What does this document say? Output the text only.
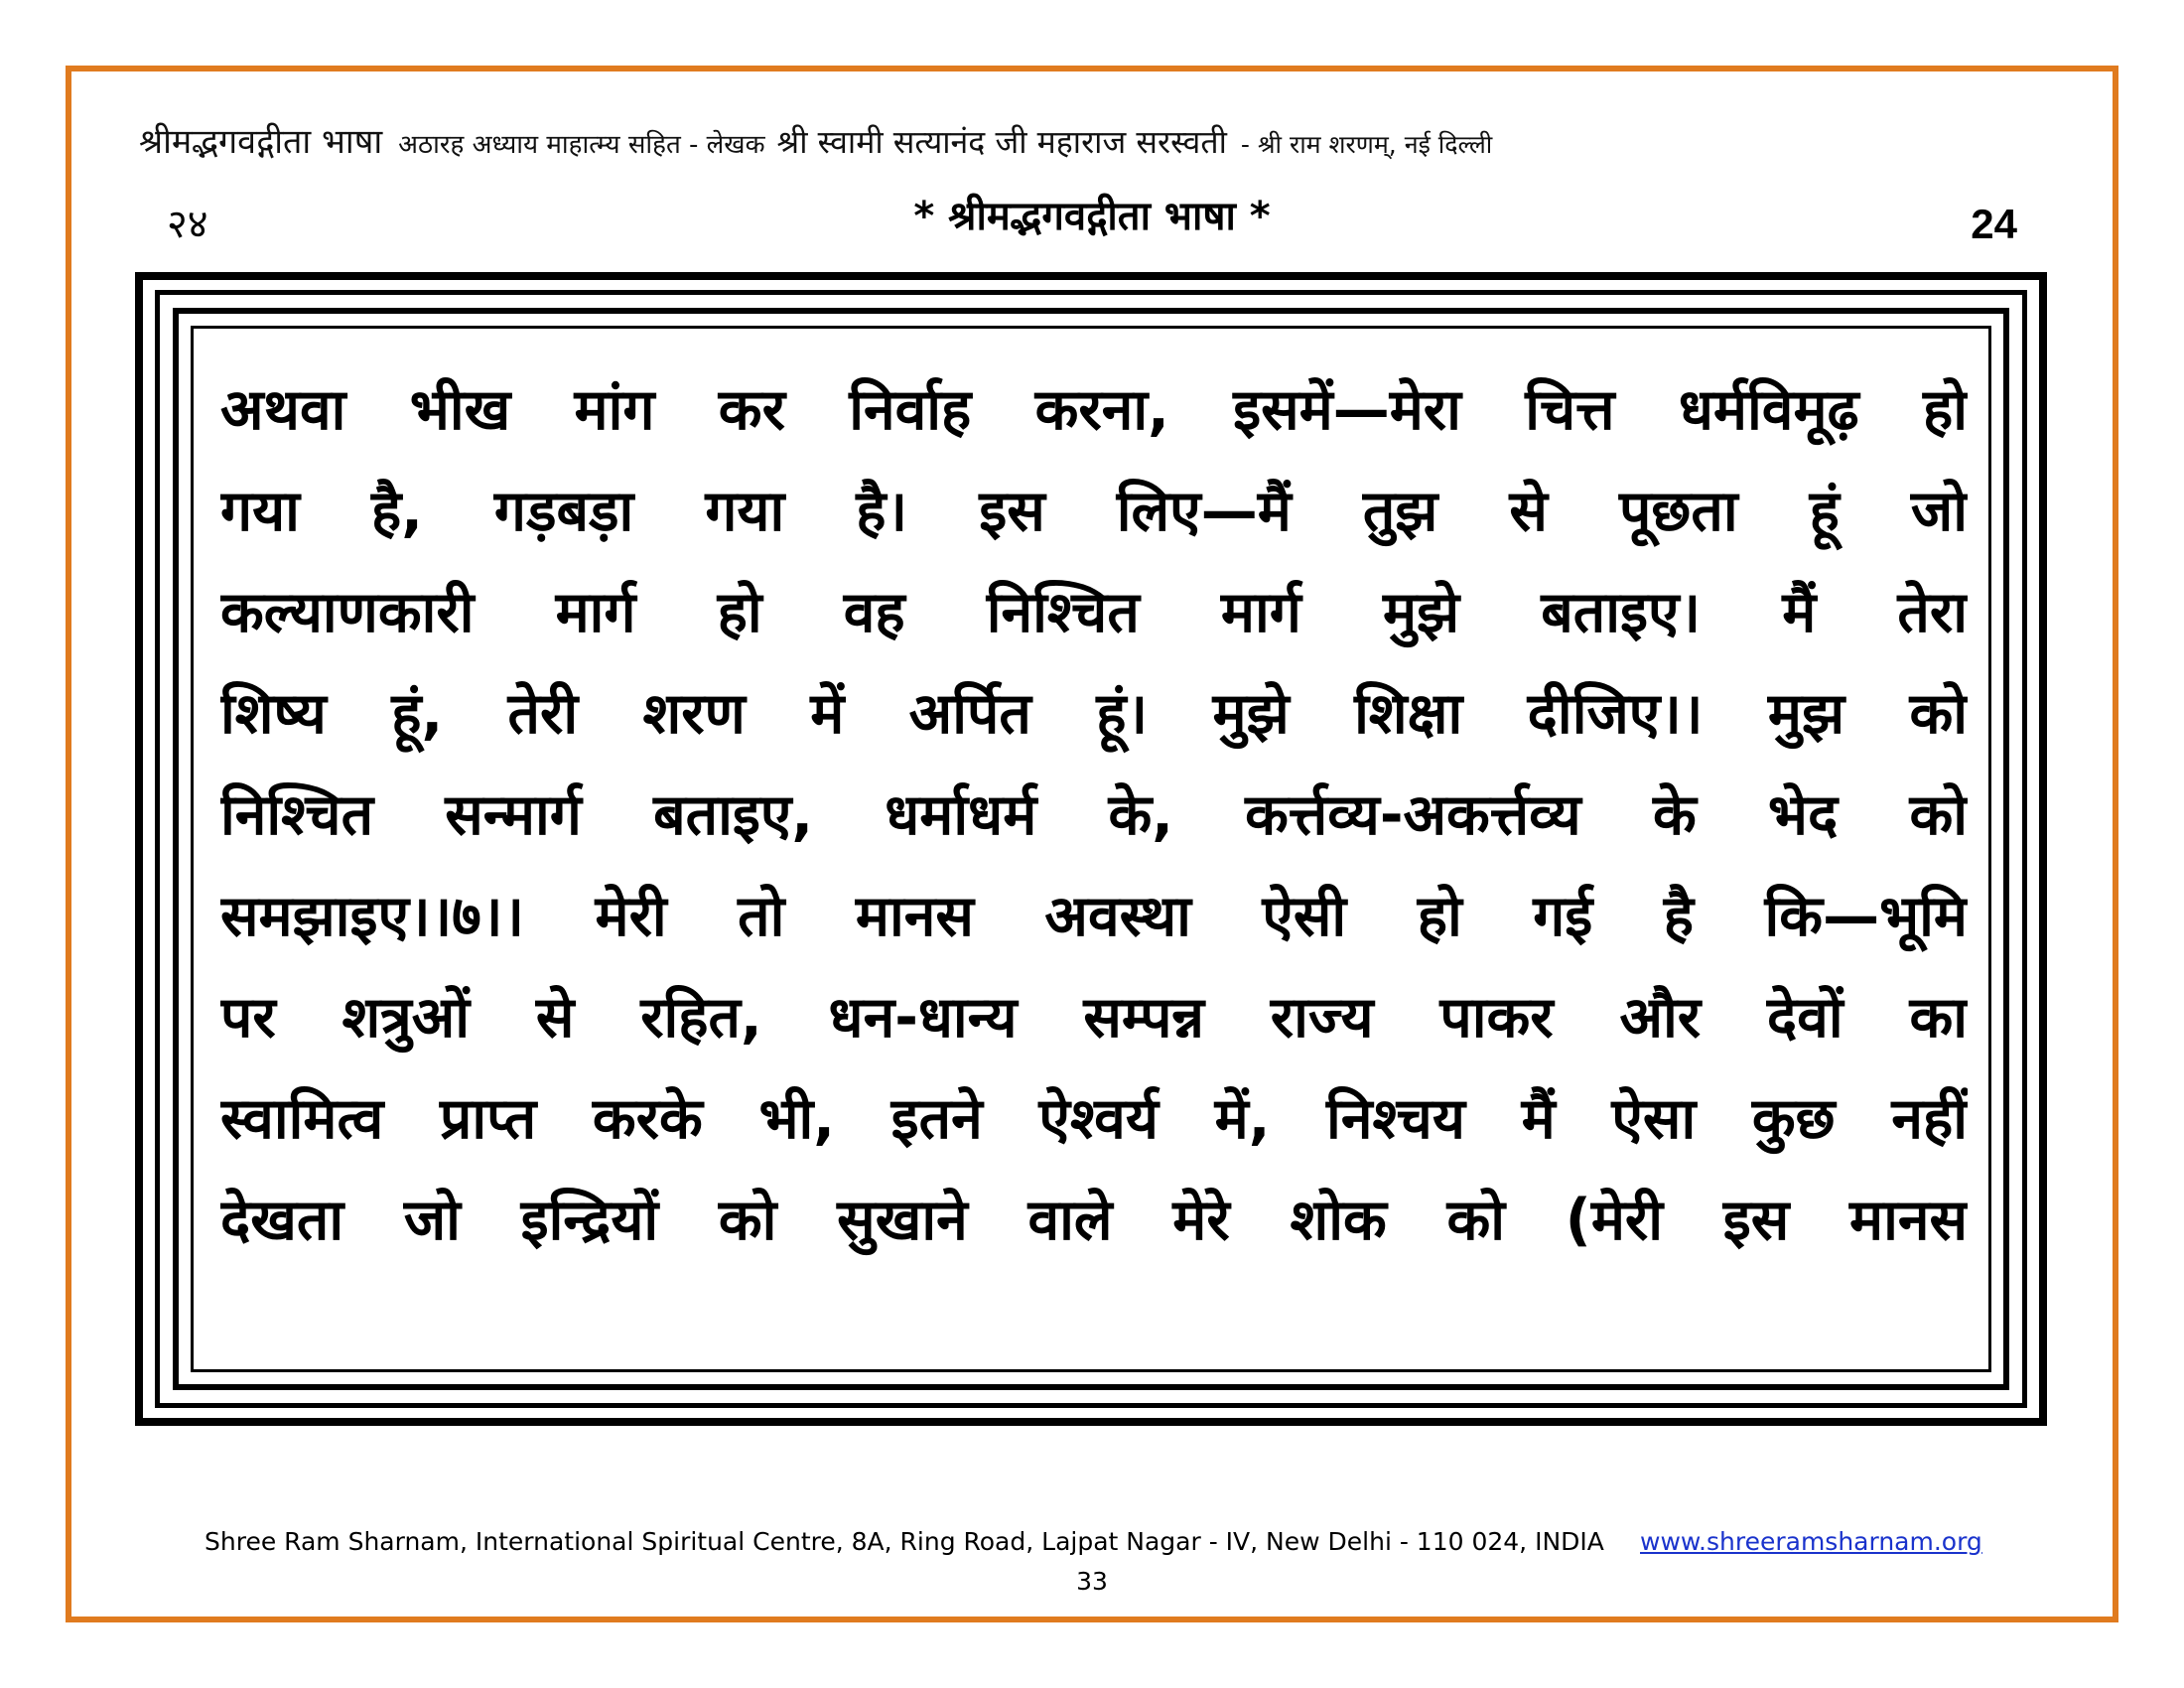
श्रीमद्भगवद्गीता भाषा अठारह अध्याय माहात्म्य सहित - लेखक श्री स्वामी सत्यानंद जी महाराज सरस्वती - श्री राम शरणम्, नई दिल्ली
२४	* श्रीमद्भगवद्गीता भाषा *	24
अथवा भीख मांग कर निर्वाह करना, इसमें—मेरा चित्त धर्मविमूढ़ हो
गया है, गड़बड़ा गया है। इस लिए—मैं तुझ से पूछता हूं जो
कल्याणकारी मार्ग हो वह निश्चित मार्ग मुझे बताइए। मैं तेरा
शिष्य हूं, तेरी शरण में अर्पित हूं। मुझे शिक्षा दीजिए।। मुझ को
निश्चित सन्मार्ग बताइए, धर्माधर्म के, कर्त्तव्य-अकर्त्तव्य के भेद को
समझाइए।।७।। मेरी तो मानस अवस्था ऐसी हो गई है कि—भूमि
पर शत्रुओं से रहित, धन-धान्य सम्पन्न राज्य पाकर और देवों का
स्वामित्व प्राप्त करके भी, इतने ऐश्वर्य में, निश्चय मैं ऐसा कुछ नहीं
देखता जो इन्द्रियों को सुखाने वाले मेरे शोक को (मेरी इस मानस
Shree Ram Sharnam, International Spiritual Centre, 8A, Ring Road, Lajpat Nagar - IV, New Delhi - 110 024, INDIA www.shreeramsharnam.org
33
